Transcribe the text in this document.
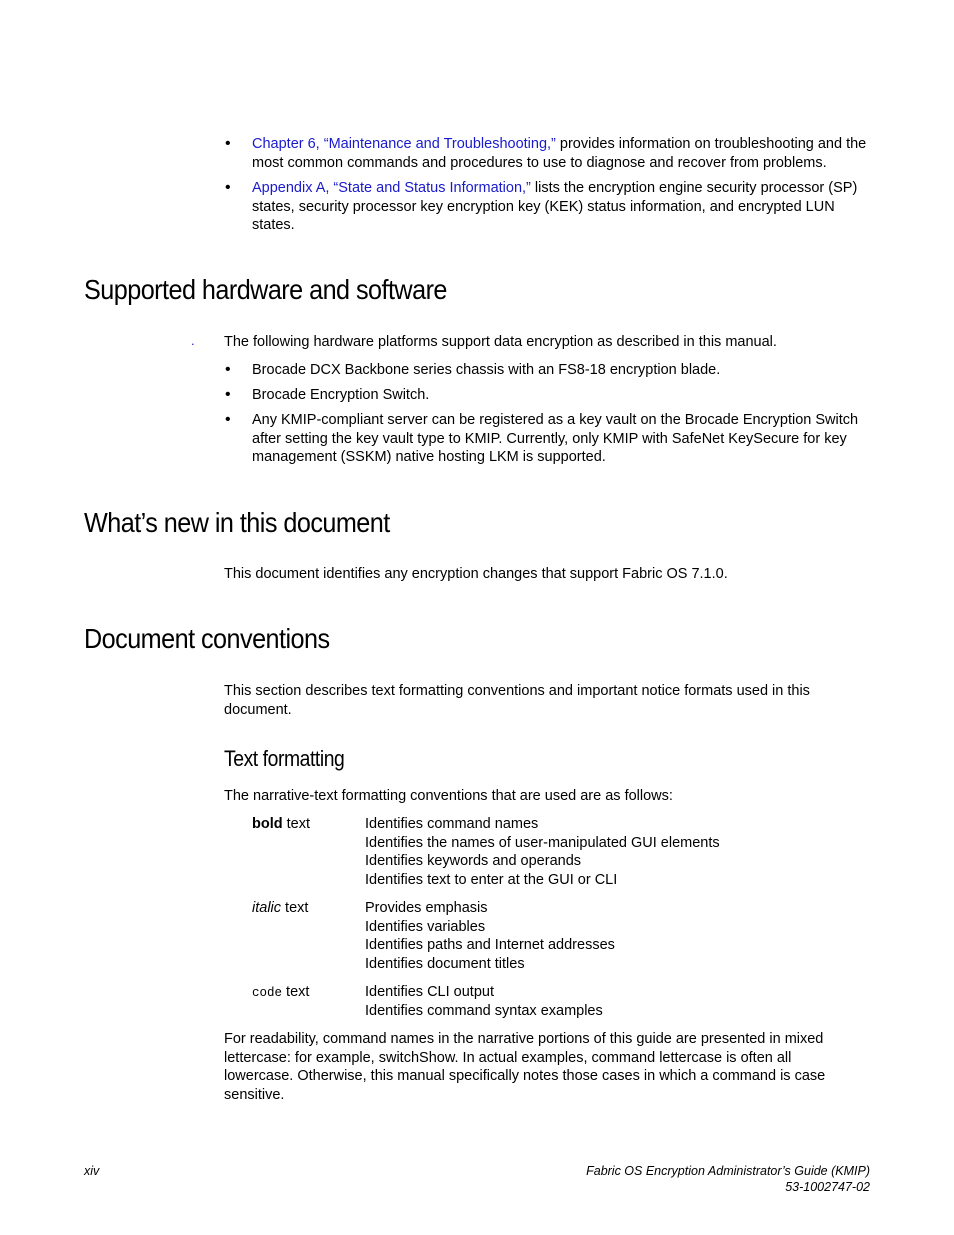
• Chapter 6, “Maintenance and Troubleshooting,” provides information on troubleshooting and the most common commands and procedures to use to diagnose and recover from problems.
• Appendix A, “State and Status Information,” lists the encryption engine security processor (SP) states, security processor key encryption key (KEK) status information, and encrypted LUN states.
Supported hardware and software
. The following hardware platforms support data encryption as described in this manual.
• Brocade DCX Backbone series chassis with an FS8-18 encryption blade.
• Brocade Encryption Switch.
• Any KMIP-compliant server can be registered as a key vault on the Brocade Encryption Switch after setting the key vault type to KMIP. Currently, only KMIP with SafeNet KeySecure for key management (SSKM) native hosting LKM is supported.
What’s new in this document
This document identifies any encryption changes that support Fabric OS 7.1.0.
Document conventions
This section describes text formatting conventions and important notice formats used in this document.
Text formatting
The narrative-text formatting conventions that are used are as follows:
bold text	Identifies command names
Identifies the names of user-manipulated GUI elements
Identifies keywords and operands
Identifies text to enter at the GUI or CLI
italic text	Provides emphasis
Identifies variables
Identifies paths and Internet addresses
Identifies document titles
code text	Identifies CLI output
Identifies command syntax examples
For readability, command names in the narrative portions of this guide are presented in mixed lettercase: for example, switchShow. In actual examples, command lettercase is often all lowercase. Otherwise, this manual specifically notes those cases in which a command is case sensitive.
xiv	Fabric OS Encryption Administrator’s Guide (KMIP)
53-1002747-02
